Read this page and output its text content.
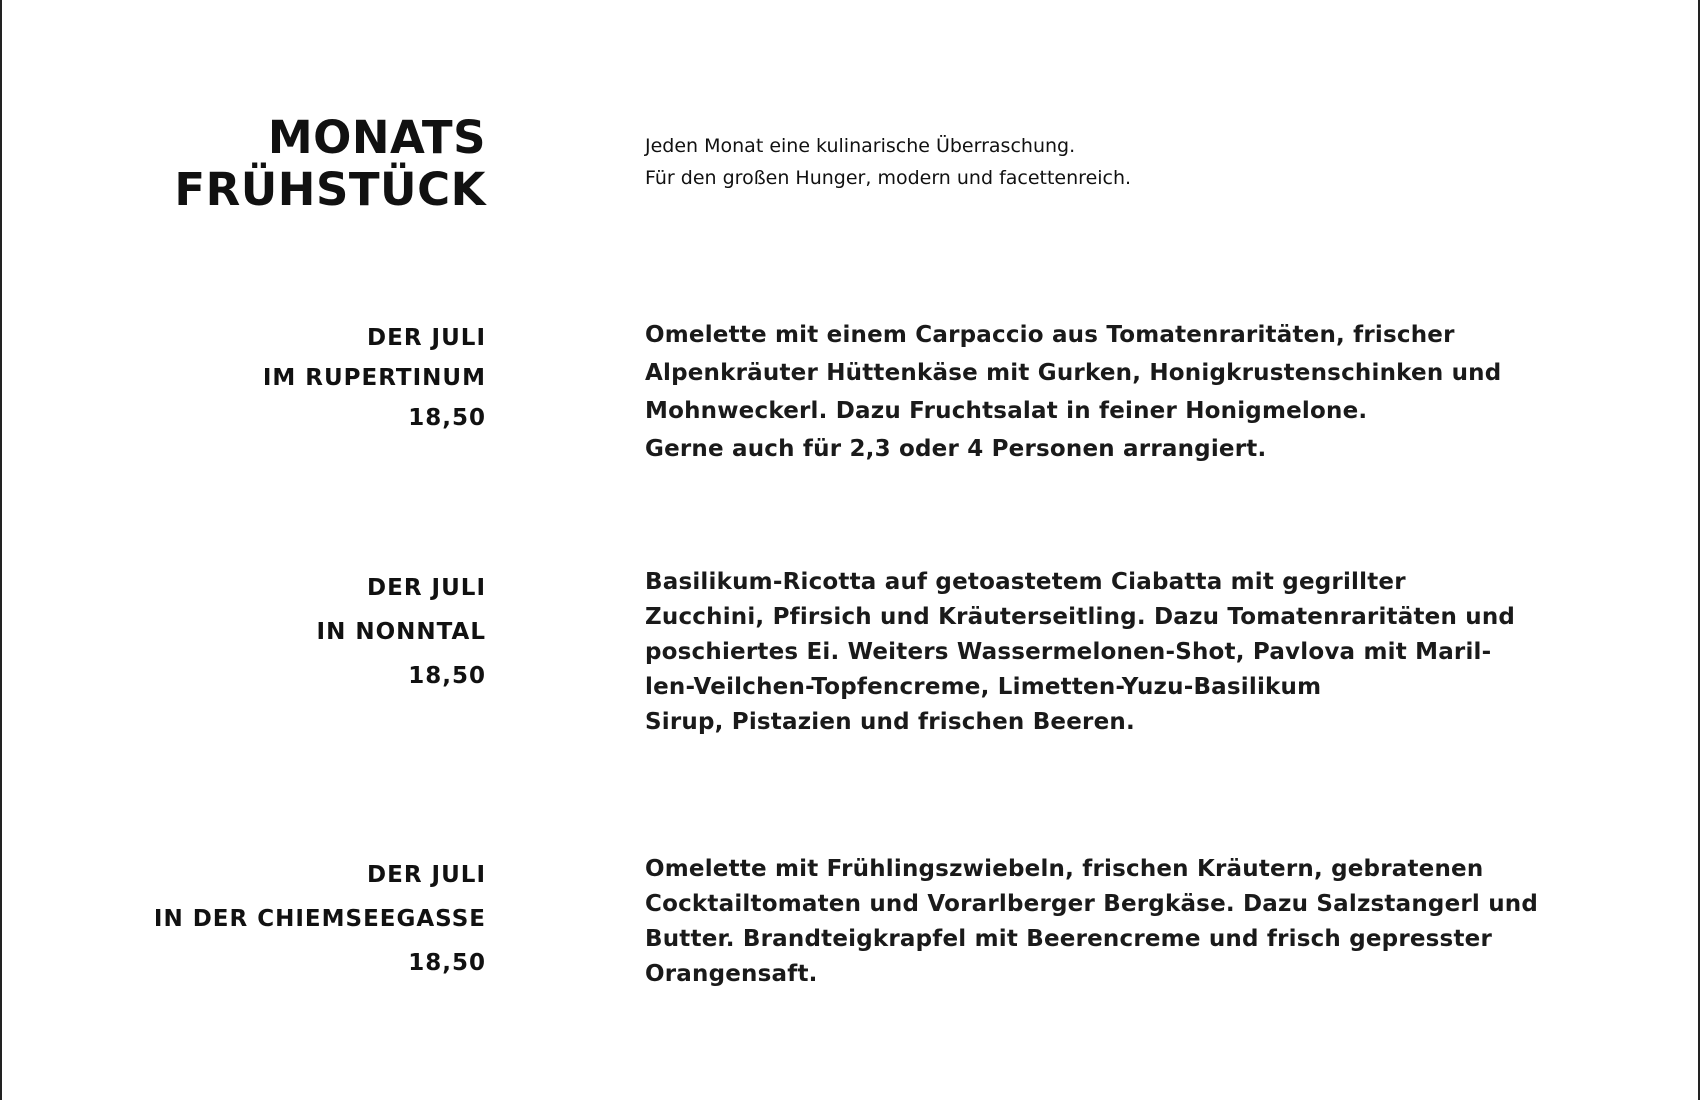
MONATS
FRÜHSTÜCK
Jeden Monat eine kulinarische Überraschung.
Für den großen Hunger, modern und facettenreich.
DER JULI
IM RUPERTINUM
18,50
Omelette mit einem Carpaccio aus Tomatenraritäten, frischer
Alpenkräuter Hüttenkäse mit Gurken, Honigkrustenschinken und
Mohnweckerl. Dazu Fruchtsalat in feiner Honigmelone.
Gerne auch für 2,3 oder 4 Personen arrangiert.
DER JULI
IN NONNTAL
18,50
Basilikum-Ricotta auf getoastetem Ciabatta mit gegrillter
Zucchini, Pfirsich und Kräuterseitling. Dazu Tomatenraritäten und
poschiertes Ei. Weiters Wassermelonen-Shot, Pavlova mit Maril-
len-Veilchen-Topfencreme, Limetten-Yuzu-Basilikum
Sirup, Pistazien und frischen Beeren.
DER JULI
IN DER CHIEMSEEGASSE
18,50
Omelette mit Frühlingszwiebeln, frischen Kräutern, gebratenen
Cocktailtomaten und Vorarlberger Bergkäse. Dazu Salzstangerl und
Butter. Brandteigkrapfel mit Beerencreme und frisch gepresster
Orangensaft.
